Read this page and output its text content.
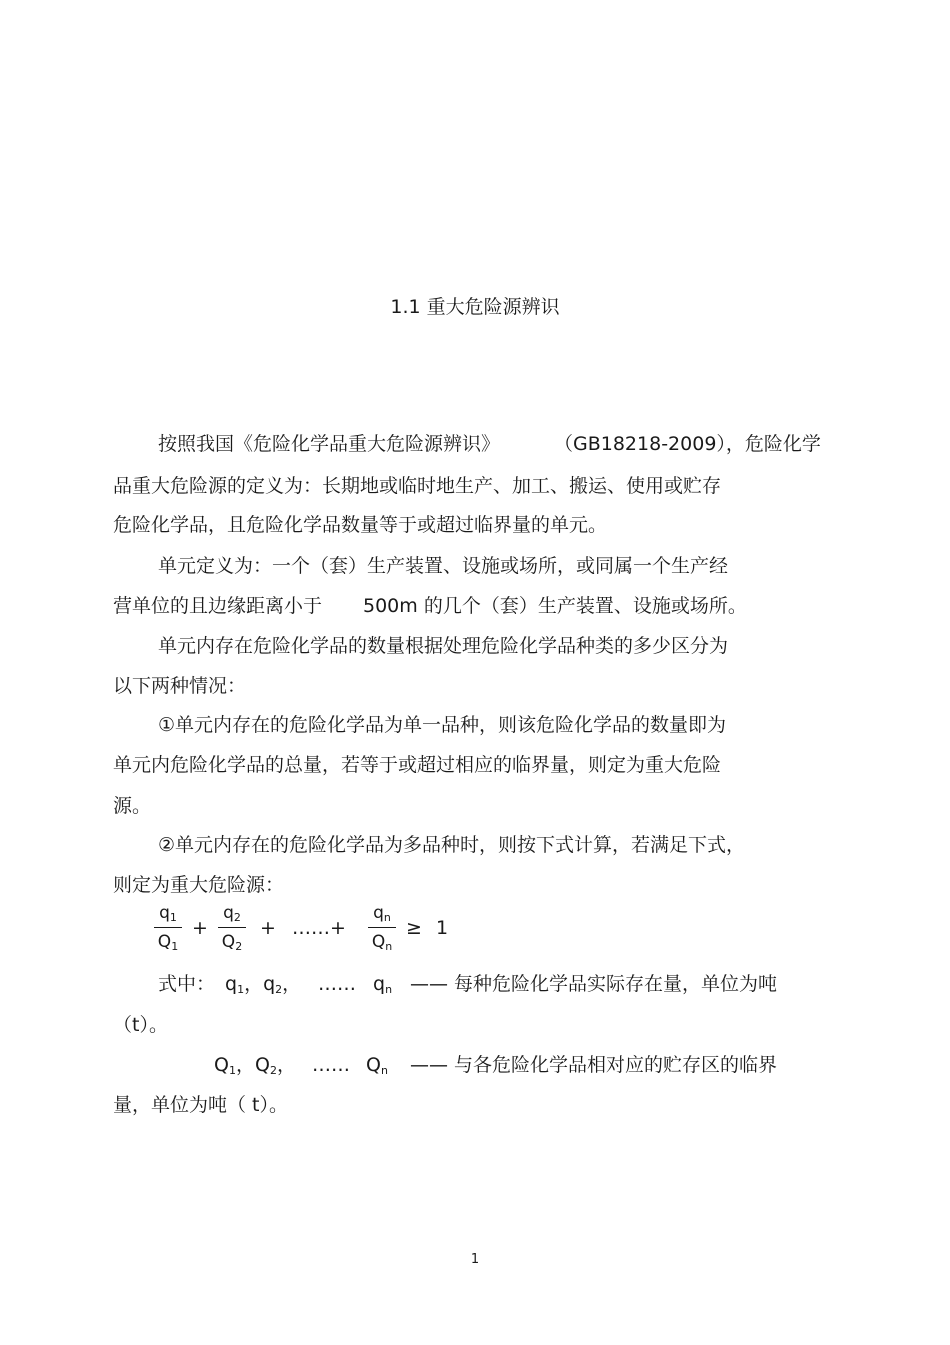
1.1 重大危险源辨识
按照我国《危险化学品重大危险源辨识》	（GB18218-2009），危险化学
品重大危险源的定义为：长期地或临时地生产、加工、搬运、使用或贮存
危险化学品，且危险化学品数量等于或超过临界量的单元。
单元定义为：一个（套）生产装置、设施或场所，或同属一个生产经
营单位的且边缘距离小于 500m 的几个（套）生产装置、设施或场所。
单元内存在危险化学品的数量根据处理危险化学品种类的多少区分为
以下两种情况：
①单元内存在的危险化学品为单一品种，则该危险化学品的数量即为
单元内危险化学品的总量，若等于或超过相应的临界量，则定为重大危险
源。
②单元内存在的危险化学品为多品种时，则按下式计算，若满足下式，
则定为重大危险源：
$q_1$
$Q_1$
+
$q_2$
$Q_2$
+ ……+
$q_n$
$Q_n$
≥ 1
式中： $q_1$，$q_2$， …… $q_n$ —— 每种危险化学品实际存在量，单位为吨
（t）。
$Q_1$，$Q_2$， …… $Q_n$ —— 与各危险化学品相对应的贮存区的临界
量，单位为吨（ t）。
1
